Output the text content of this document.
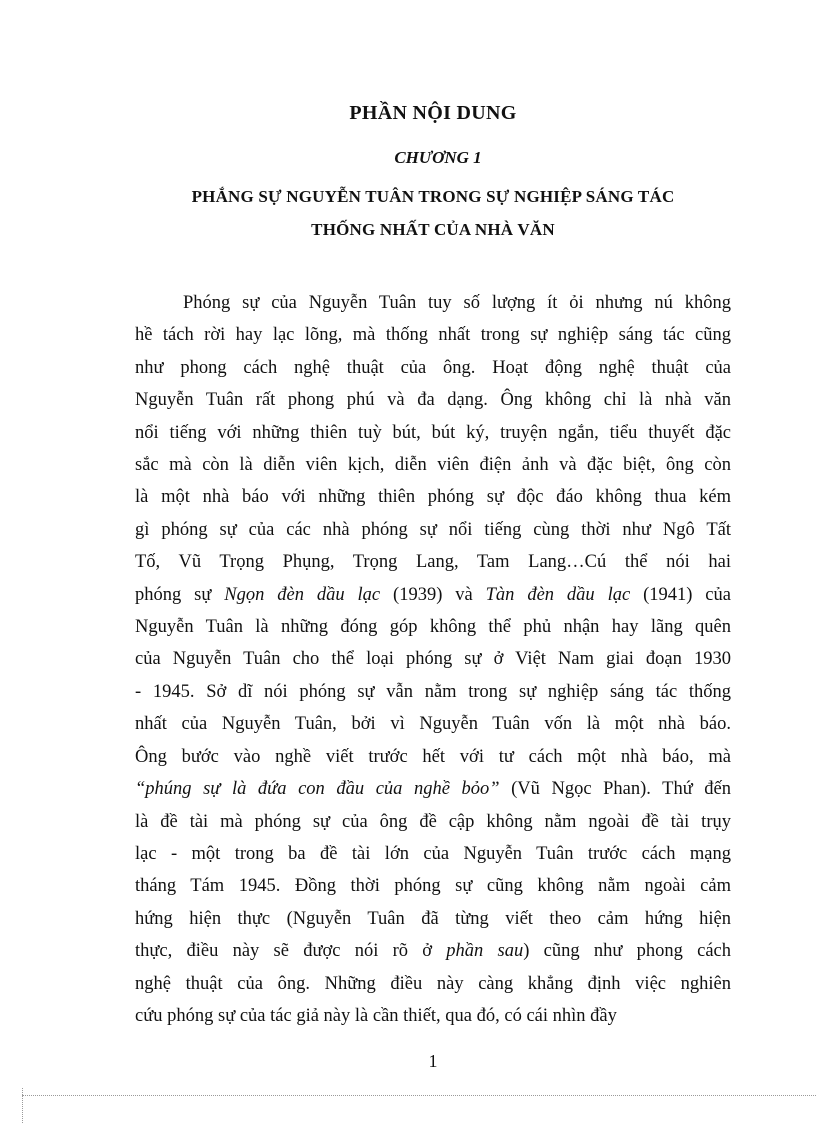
PHẦN NỘI DUNG
CHƯƠNG 1
PHẮNG SỰ NGUYỄN TUÂN TRONG SỰ NGHIỆP SÁNG TÁC
THỐNG NHẤT CỦA NHÀ VĂN
Phóng sự của Nguyễn Tuân tuy số lượng ít ỏi nhưng nú không
hề tách rời hay lạc lõng, mà thống nhất trong sự nghiệp sáng tác cũng
như phong cách nghệ thuật của ông. Hoạt động nghệ thuật của
Nguyễn Tuân rất phong phú và đa dạng. Ông không chỉ là nhà văn
nổi tiếng với những thiên tuỳ bút, bút ký, truyện ngắn, tiểu thuyết đặc
sắc mà còn là diễn viên kịch, diễn viên điện ảnh và đặc biệt, ông còn
là một nhà báo với những thiên phóng sự độc đáo không thua kém
gì phóng sự của các nhà phóng sự nổi tiếng cùng thời như Ngô Tất
Tố, Vũ Trọng Phụng, Trọng Lang, Tam Lang…Cú thể nói hai
phóng sự Ngọn đèn dầu lạc (1939) và Tàn đèn dầu lạc (1941) của
Nguyễn Tuân là những đóng góp không thể phủ nhận hay lãng quên
của Nguyễn Tuân cho thể loại phóng sự ở Việt Nam giai đoạn 1930
- 1945. Sở dĩ nói phóng sự vẫn nằm trong sự nghiệp sáng tác thống
nhất của Nguyễn Tuân, bởi vì Nguyễn Tuân vốn là một nhà báo.
Ông bước vào nghề viết trước hết với tư cách một nhà báo, mà
“phúng sự là đứa con đầu của nghề bỏo” (Vũ Ngọc Phan). Thứ đến
là đề tài mà phóng sự của ông đề cập không nằm ngoài đề tài trụy
lạc - một trong ba đề tài lớn của Nguyễn Tuân trước cách mạng
tháng Tám 1945. Đồng thời phóng sự cũng không nằm ngoài cảm
hứng hiện thực (Nguyễn Tuân đã từng viết theo cảm hứng hiện
thực, điều này sẽ được nói rõ ở phần sau) cũng như phong cách
nghệ thuật của ông. Những điều này càng khẳng định việc nghiên
cứu phóng sự của tác giả này là cần thiết, qua đó, có cái nhìn đầy
1
